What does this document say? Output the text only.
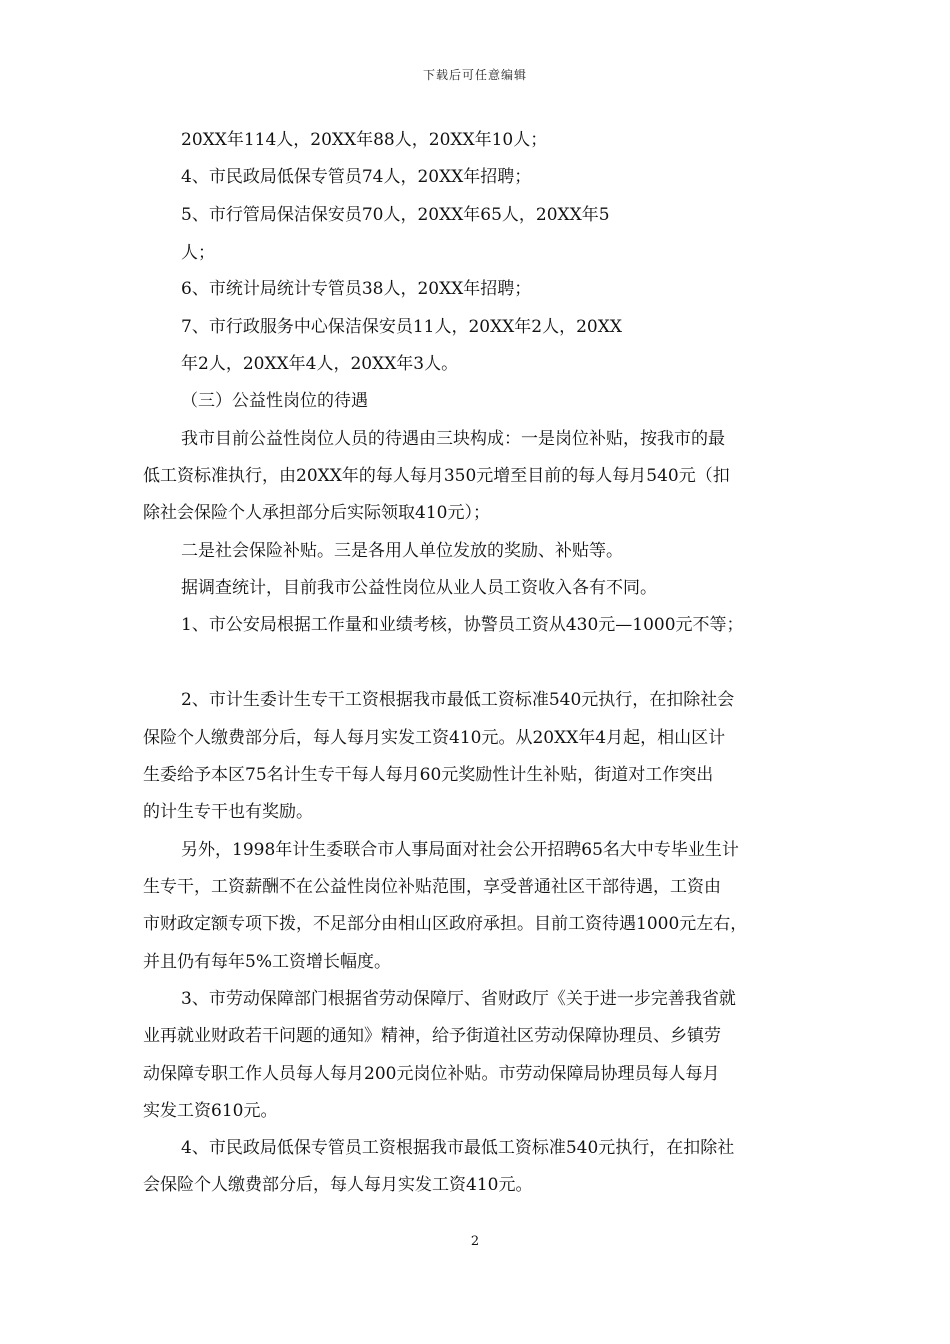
下载后可任意编辑
20XX年114人，20XX年88人，20XX年10人；
4、市民政局低保专管员74人，20XX年招聘；
5、市行管局保洁保安员70人，20XX年65人，20XX年5
人；
6、市统计局统计专管员38人，20XX年招聘；
7、市行政服务中心保洁保安员11人，20XX年2人，20XX
年2人，20XX年4人，20XX年3人。
（三）公益性岗位的待遇
我市目前公益性岗位人员的待遇由三块构成：一是岗位补贴，按我市的最
低工资标准执行，由20XX年的每人每月350元增至目前的每人每月540元（扣
除社会保险个人承担部分后实际领取410元）；
二是社会保险补贴。三是各用人单位发放的奖励、补贴等。
据调查统计，目前我市公益性岗位从业人员工资收入各有不同。
1、市公安局根据工作量和业绩考核，协警员工资从430元—1000元不等；
2、市计生委计生专干工资根据我市最低工资标准540元执行，在扣除社会
保险个人缴费部分后，每人每月实发工资410元。从20XX年4月起，相山区计
生委给予本区75名计生专干每人每月60元奖励性计生补贴，街道对工作突出
的计生专干也有奖励。
另外，1998年计生委联合市人事局面对社会公开招聘65名大中专毕业生计
生专干，工资薪酬不在公益性岗位补贴范围，享受普通社区干部待遇，工资由
市财政定额专项下拨，不足部分由相山区政府承担。目前工资待遇1000元左右，
并且仍有每年5%工资增长幅度。
3、市劳动保障部门根据省劳动保障厅、省财政厅《关于进一步完善我省就
业再就业财政若干问题的通知》精神，给予街道社区劳动保障协理员、乡镇劳
动保障专职工作人员每人每月200元岗位补贴。市劳动保障局协理员每人每月
实发工资610元。
4、市民政局低保专管员工资根据我市最低工资标准540元执行，在扣除社
会保险个人缴费部分后，每人每月实发工资410元。
2
